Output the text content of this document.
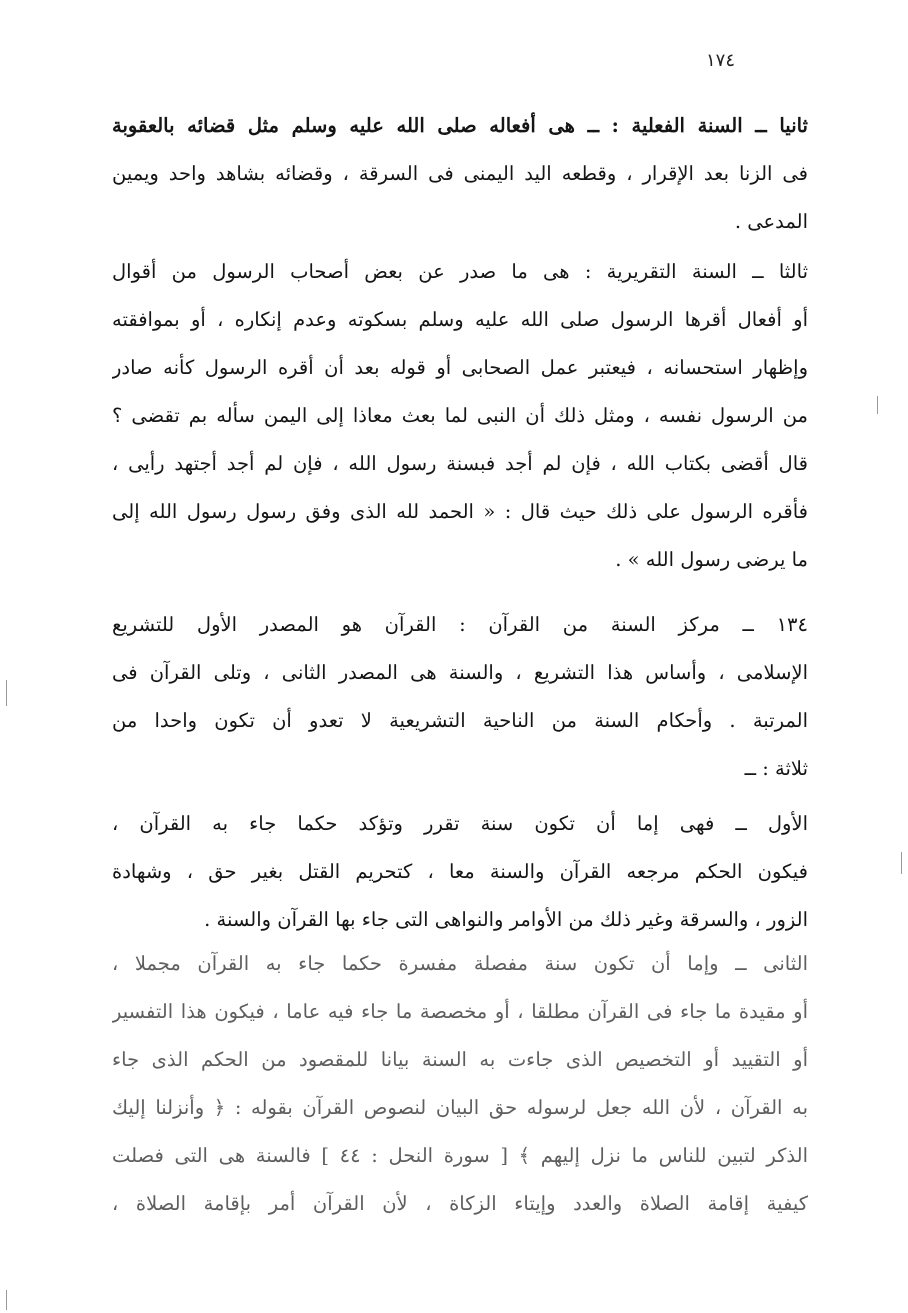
١٧٤
ثانيا ــ السنة الفعلية : ــ هى أفعاله صلى الله عليه وسلم مثل قضائه بالعقوبة
فى الزنا بعد الإقرار ، وقطعه اليد اليمنى فى السرقة ، وقضائه بشاهد واحد ويمين
المدعى .
ثالثا ــ السنة التقريرية : هى ما صدر عن بعض أصحاب الرسول من أقوال
أو أفعال أقرها الرسول صلى الله عليه وسلم بسكوته وعدم إنكاره ، أو بموافقته
وإظهار استحسانه ، فيعتبر عمل الصحابى أو قوله بعد أن أقره الرسول كأنه صادر
من الرسول نفسه ، ومثل ذلك أن النبى لما بعث معاذا إلى اليمن سأله بم تقضى ؟
قال أقضى بكتاب الله ، فإن لم أجد فبسنة رسول الله ، فإن لم أجد أجتهد رأيى ،
فأقره الرسول على ذلك حيث قال : « الحمد لله الذى وفق رسول رسول الله إلى
ما يرضى رسول الله » .
١٣٤ ــ مركز السنة من القرآن : القرآن هو المصدر الأول للتشريع
الإسلامى ، وأساس هذا التشريع ، والسنة هى المصدر الثانى ، وتلى القرآن فى
المرتبة . وأحكام السنة من الناحية التشريعية لا تعدو أن تكون واحدا من
ثلاثة : ــ
الأول ــ فهى إما أن تكون سنة تقرر وتؤكد حكما جاء به القرآن ،
فيكون الحكم مرجعه القرآن والسنة معا ، كتحريم القتل بغير حق ، وشهادة
الزور ، والسرقة وغير ذلك من الأوامر والنواهى التى جاء بها القرآن والسنة .
الثانى ــ وإما أن تكون سنة مفصلة مفسرة حكما جاء به القرآن مجملا ،
أو مقيدة ما جاء فى القرآن مطلقا ، أو مخصصة ما جاء فيه عاما ، فيكون هذا التفسير
أو التقييد أو التخصيص الذى جاءت به السنة بيانا للمقصود من الحكم الذى جاء
به القرآن ، لأن الله جعل لرسوله حق البيان لنصوص القرآن بقوله : ﴿ وأنزلنا إليك
الذكر لتبين للناس ما نزل إليهم ﴾ [ سورة النحل : ٤٤ ] فالسنة هى التى فصلت
كيفية إقامة الصلاة والعدد وإيتاء الزكاة ، لأن القرآن أمر بإقامة الصلاة ،
